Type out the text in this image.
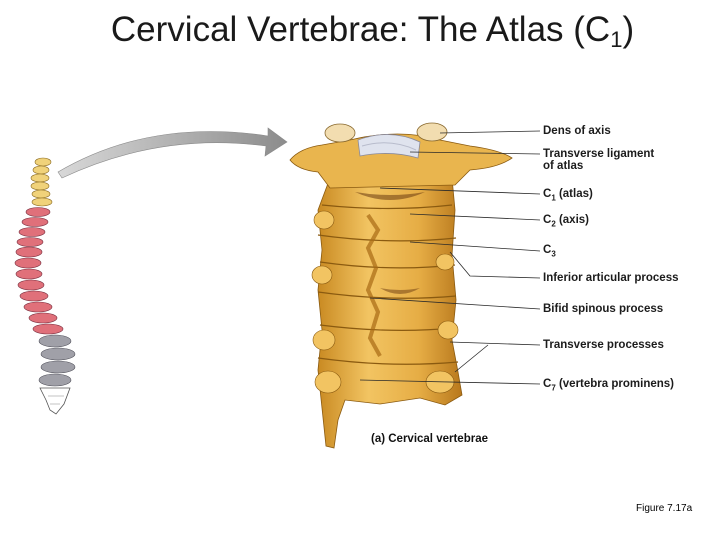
Cervical Vertebrae: The Atlas $(C_1)$
Dens of axis
Transverse ligament
of atlas
$C_1$ (atlas)
$C_2$ (axis)
$C_3$
Inferior articular process
Bifid spinous process
Transverse processes
$C_7$ (vertebra prominens)
(a) Cervical vertebrae
Figure 7.17a
